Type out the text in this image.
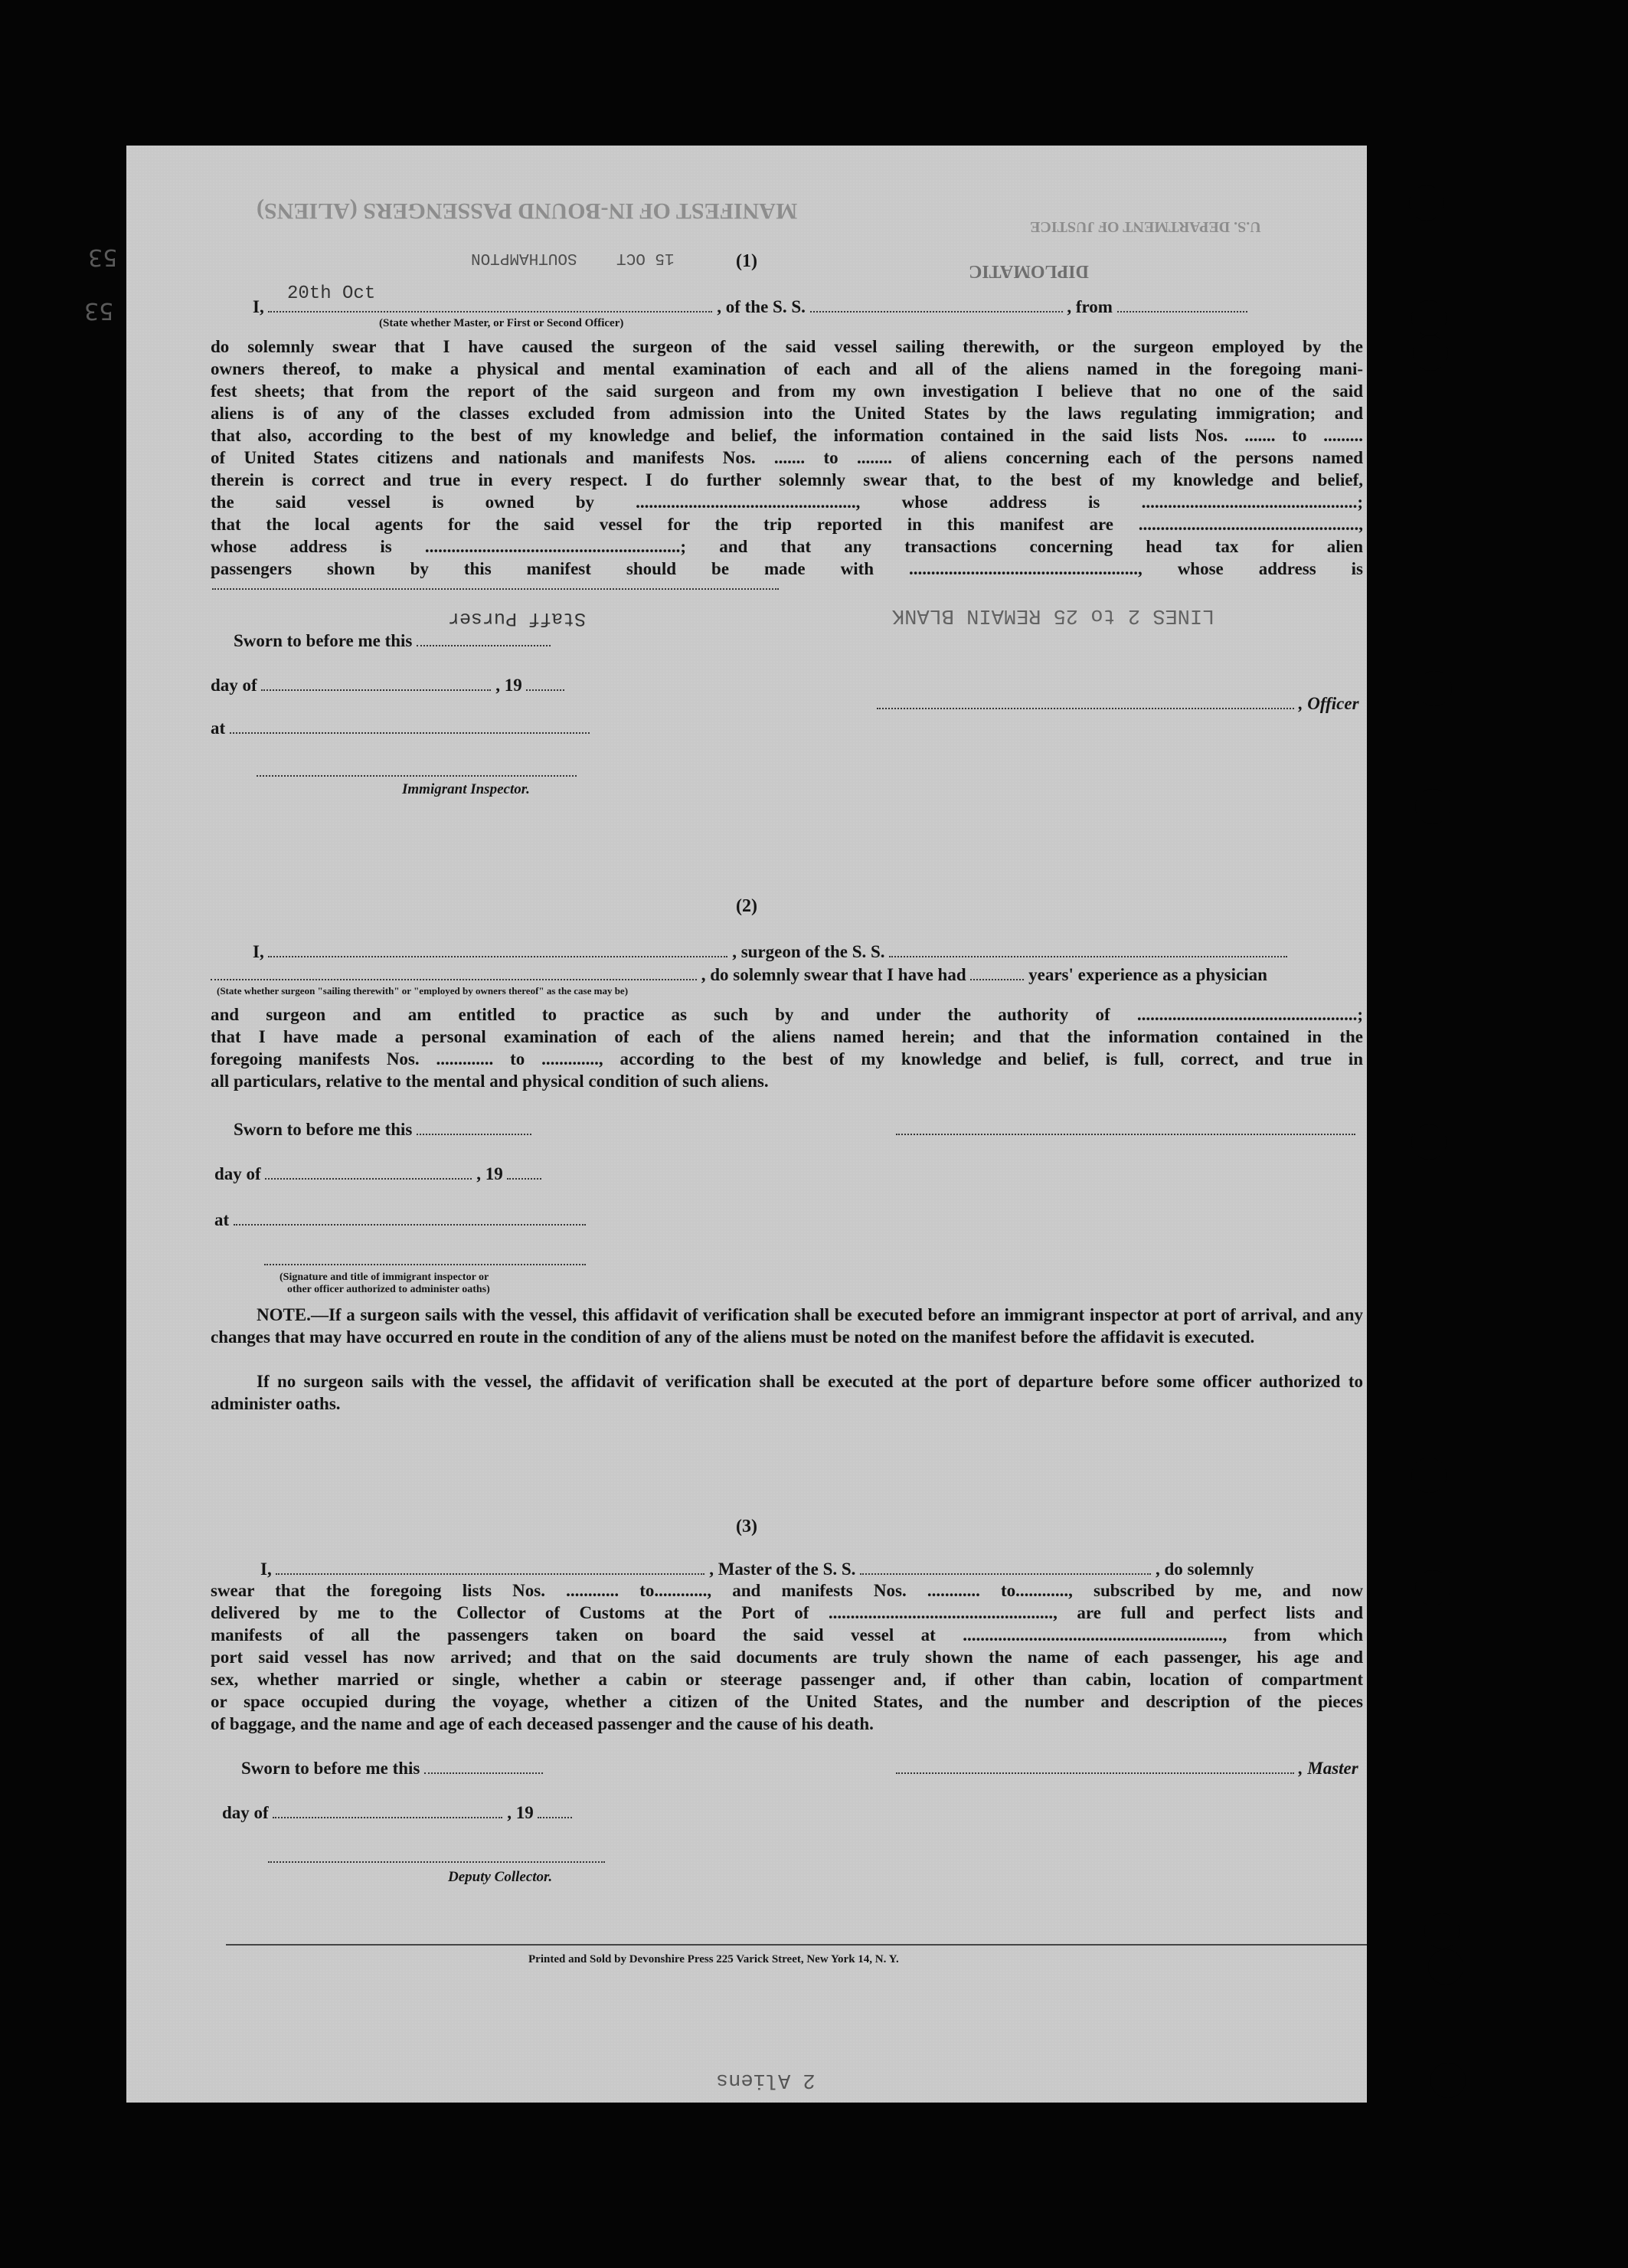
MANIFEST OF IN-BOUND PASSENGERS (ALIENS)
U.S. DEPARTMENT OF JUSTICE
DIPLOMATIC
SOUTHAMPTON 15 OCT
20th Oct
53
53
(1)
I,	, of the S. S.	, from
(State whether Master, or First or Second Officer)
do solemnly swear that I have caused the surgeon of the said vessel sailing therewith, or the surgeon employed by the
owners thereof, to make a physical and mental examination of each and all of the aliens named in the foregoing mani-
fest sheets; that from the report of the said surgeon and from my own investigation I believe that no one of the said
aliens is of any of the classes excluded from admission into the United States by the laws regulating immigration; and
that also, according to the best of my knowledge and belief, the information contained in the said lists Nos. ....... to .........
of United States citizens and nationals and manifests Nos. ....... to ........ of aliens concerning each of the persons named
therein is correct and true in every respect. I do further solemnly swear that, to the best of my knowledge and belief,
the said vessel is owned by .................................................., whose address is .................................................;
that the local agents for the said vessel for the trip reported in this manifest are ..................................................,
whose address is ..........................................................; and that any transactions concerning head tax for alien
passengers shown by this manifest should be made with ...................................................., whose address is
Staff Purser	LINES 2 to 25 REMAIN BLANK
Sworn to before me this
day of	, 19
, Officer
at
Immigrant Inspector.
(2)
I,	, surgeon of the S. S.
, do solemnly swear that I have had	years' experience as a physician
(State whether surgeon "sailing therewith" or "employed by owners thereof" as the case may be)
and surgeon and am entitled to practice as such by and under the authority of ..................................................;
that I have made a personal examination of each of the aliens named herein; and that the information contained in the
foregoing manifests Nos. ............. to ............., according to the best of my knowledge and belief, is full, correct, and true in
all particulars, relative to the mental and physical condition of such aliens.
Sworn to before me this
day of	, 19
at
(Signature and title of immigrant inspector or
other officer authorized to administer oaths)
NOTE.—If a surgeon sails with the vessel, this affidavit of verification shall be executed before an immigrant inspector at port of arrival, and any changes that may have occurred en route in the condition of any of the aliens must be noted on the manifest before the affidavit is executed.
If no surgeon sails with the vessel, the affidavit of verification shall be executed at the port of departure before some officer authorized to administer oaths.
(3)
I,	, Master of the S. S.	, do solemnly
swear that the foregoing lists Nos. ............ to............, and manifests Nos. ............ to............, subscribed by me, and now
delivered by me to the Collector of Customs at the Port of ..................................................., are full and perfect lists and
manifests of all the passengers taken on board the said vessel at ..........................................................., from which
port said vessel has now arrived; and that on the said documents are truly shown the name of each passenger, his age and
sex, whether married or single, whether a cabin or steerage passenger and, if other than cabin, location of compartment
or space occupied during the voyage, whether a citizen of the United States, and the number and description of the pieces
of baggage, and the name and age of each deceased passenger and the cause of his death.
Sworn to before me this	, Master
day of	, 19
Deputy Collector.
Printed and Sold by Devonshire Press 225 Varick Street, New York 14, N. Y.
2 Aliens
